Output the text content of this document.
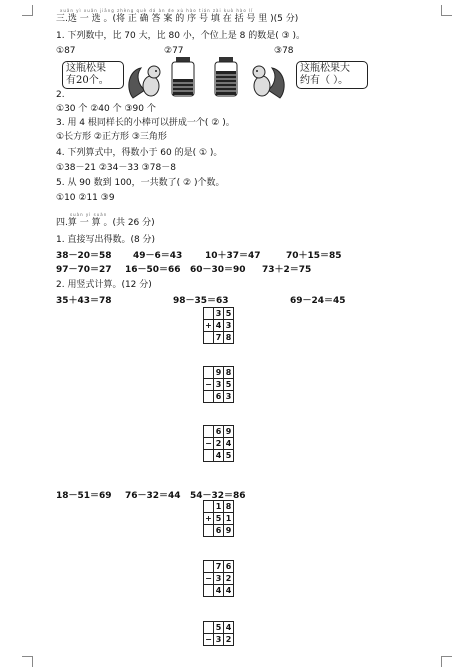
xuǎn yì xuǎn jiāng zhèng què dá àn de xù hào tián zài kuò hào lǐ
三.选 一 选 。(将 正 确 答 案 的 序 号 填 在 括 号 里 )(5 分)
1. 下列数中，比 70 大，比 80 小，个位上是 8 的数是( ③ )。
①87	②77	③78
这瓶松果
有20个。
这瓶松果大
约有（ ）。
2.
①30 个 ②40 个 ③90 个
3. 用 4 根同样长的小棒可以拼成一个( ② )。
①长方形 ②正方形 ③三角形
4. 下列算式中，得数小于 60 的是( ① )。
①38－21 ②34－33 ③78－8
5. 从 90 数到 100，一共数了( ② )个数。
①10 ②11 ③9
suàn yì suàn
四.算 一 算 。(共 26 分)
1. 直接写出得数。(8 分)
38－20＝58 49－6＝43	10＋37＝47	70＋15＝85
97－70＝27 16－50＝66 60－30＝90 73＋2＝75
2. 用竖式计算。(12 分)
35＋43＝78	98－35＝63	69－24＝45
18－51＝69 76－32＝44 54－32＝86
	3	5
+	4	3
	7	8
	9	8
−	3	5
	6	3
	6	9
−	2	4
	4	5
	1	8
+	5	1
	6	9
	7	6
−	3	2
	4	4
	5	4
−	3	2
